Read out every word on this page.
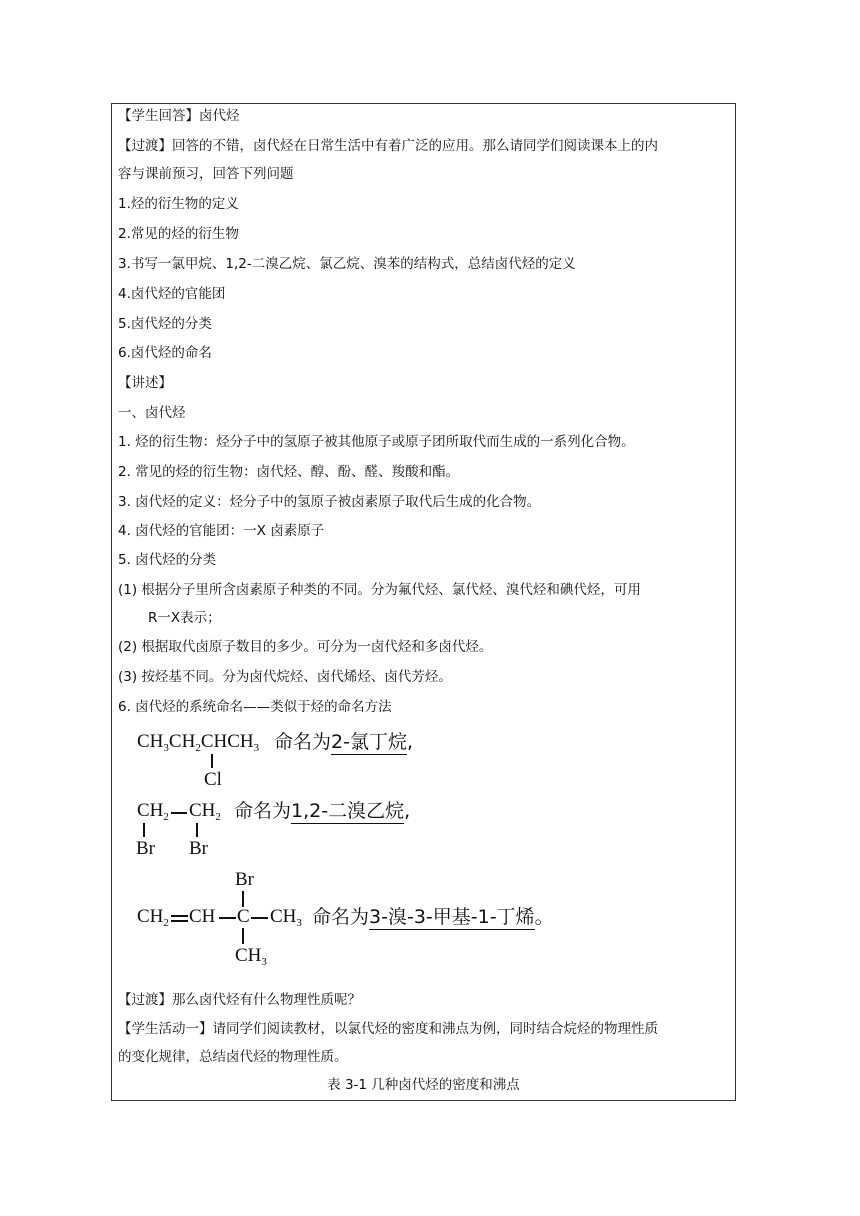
【学生回答】卤代烃
【过渡】回答的不错，卤代烃在日常生活中有着广泛的应用。那么请同学们阅读课本上的内
容与课前预习，回答下列问题
1.烃的衍生物的定义
2.常见的烃的衍生物
3.书写一氯甲烷、1,2-二溴乙烷、氯乙烷、溴苯的结构式，总结卤代烃的定义
4.卤代烃的官能团
5.卤代烃的分类
6.卤代烃的命名
【讲述】
一、卤代烃
1. 烃的衍生物：烃分子中的氢原子被其他原子或原子团所取代而生成的一系列化合物。
2. 常见的烃的衍生物：卤代烃、醇、酚、醛、羧酸和酯。
3. 卤代烃的定义：烃分子中的氢原子被卤素原子取代后生成的化合物。
4. 卤代烃的官能团：一X 卤素原子
5. 卤代烃的分类
(1) 根据分子里所含卤素原子种类的不同。分为氟代烃、氯代烃、溴代烃和碘代烃，可用
R一X表示；
(2) 根据取代卤原子数目的多少。可分为一卤代烃和多卤代烃。
(3) 按烃基不同。分为卤代烷烃、卤代烯烃、卤代芳烃。
6. 卤代烃的系统命名——类似于烃的命名方法
$CH_3CH_2CHCH_3$
Cl
命名为2-氯丁烷,
$CH_2$ $CH_2$
Br Br
命名为1,2-二溴乙烷,
Br
$CH_2$ CH C $CH_3$
$CH_3$
命名为3-溴-3-甲基-1-丁烯。
【过渡】那么卤代烃有什么物理性质呢？
【学生活动一】请同学们阅读教材，以氯代烃的密度和沸点为例，同时结合烷烃的物理性质
的变化规律，总结卤代烃的物理性质。
表 3-1 几种卤代烃的密度和沸点
